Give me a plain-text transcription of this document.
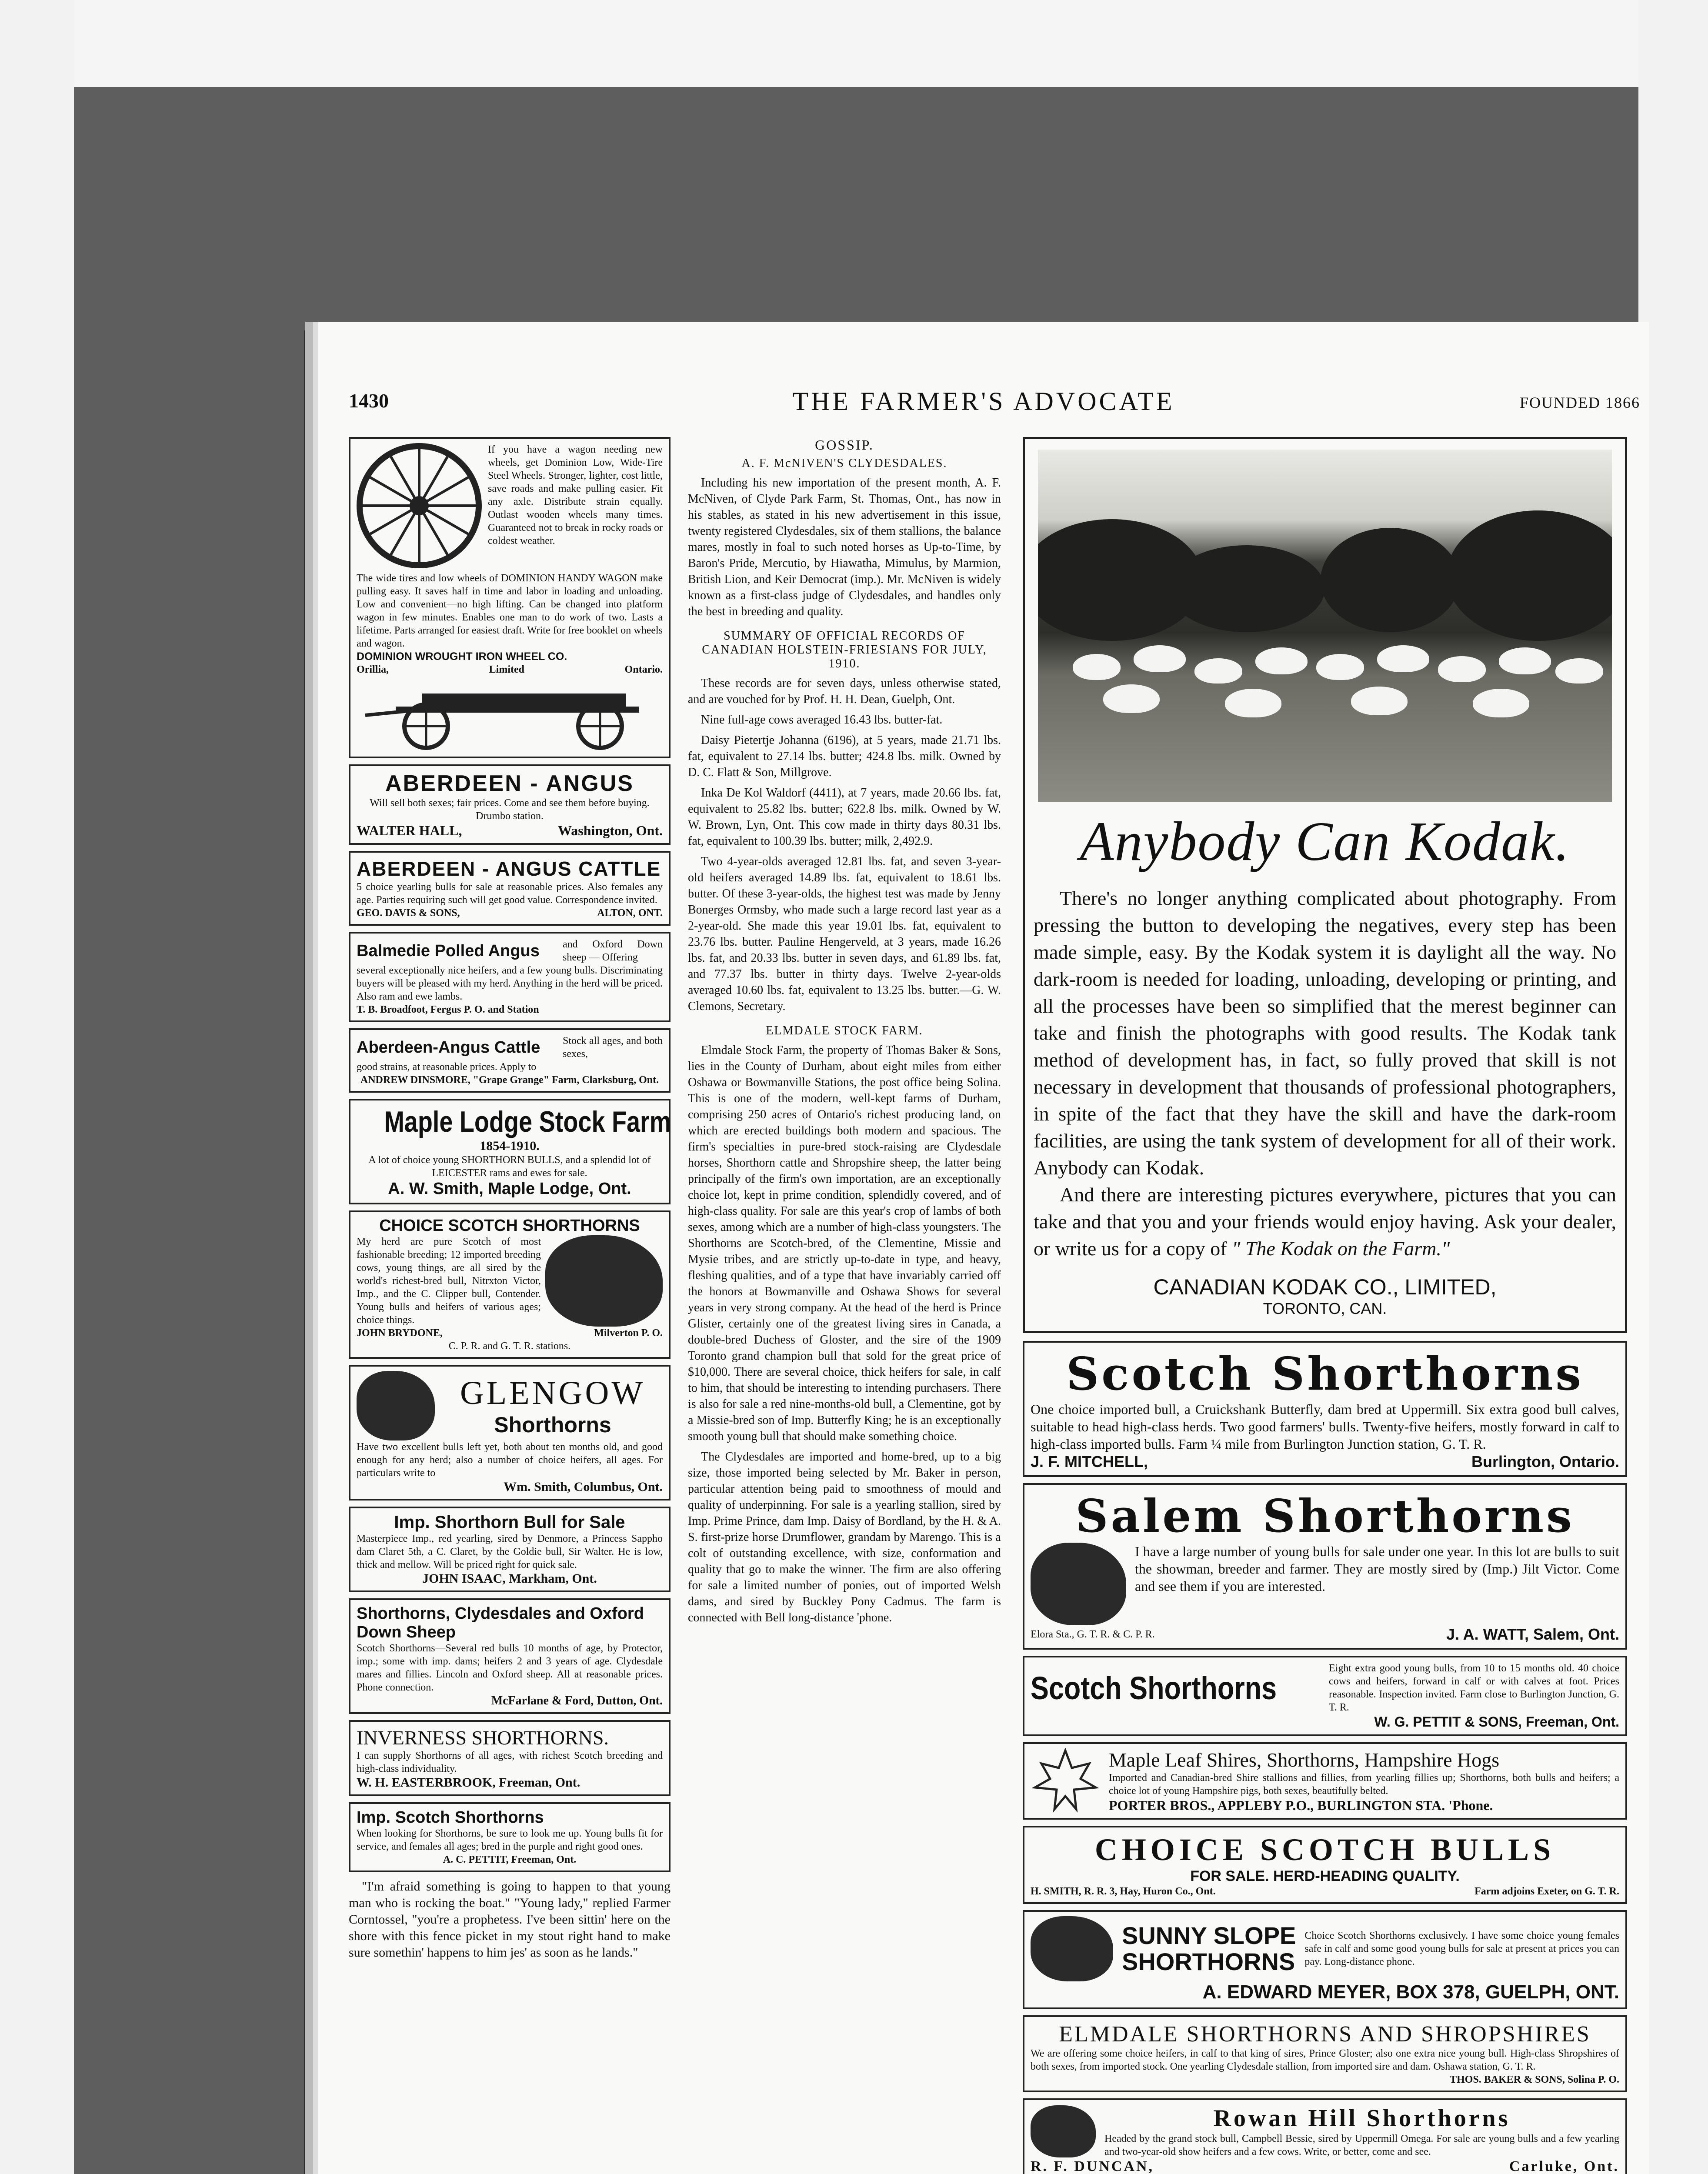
1430	THE FARMER'S ADVOCATE	FOUNDED 1866
If you have a wagon needing new wheels, get Dominion Low, Wide-Tire Steel Wheels. Stronger, lighter, cost little, save roads and make pulling easier. Fit any axle. Distribute strain equally. Outlast wooden wheels many times. Guaranteed not to break in rocky roads or coldest weather.
The wide tires and low wheels of DOMINION HANDY WAGON make pulling easy. It saves half in time and labor in loading and unloading. Low and convenient—no high lifting. Can be changed into platform wagon in few minutes. Enables one man to do work of two. Lasts a lifetime. Parts arranged for easiest draft. Write for free booklet on wheels and wagon.
DOMINION WROUGHT IRON WHEEL CO.
Orillia,	Limited	Ontario.
ABERDEEN - ANGUS
Will sell both sexes; fair prices. Come and see them before buying. Drumbo station.
WALTER HALL,	Washington, Ont.
ABERDEEN - ANGUS CATTLE
5 choice yearling bulls for sale at reasonable prices. Also females any age. Parties requiring such will get good value. Correspondence invited.
GEO. DAVIS & SONS,	ALTON, ONT.
Balmedie Polled Angus and Oxford Down sheep — Offering
several exceptionally nice heifers, and a few young bulls. Discriminating buyers will be pleased with my herd. Anything in the herd will be priced. Also ram and ewe lambs.
T. B. Broadfoot, Fergus P. O. and Station
Aberdeen-Angus Cattle Stock all ages, and both sexes,
good strains, at reasonable prices. Apply to
ANDREW DINSMORE, "Grape Grange" Farm, Clarksburg, Ont.
Maple Lodge Stock Farm
1854-1910.
A lot of choice young SHORTHORN BULLS, and a splendid lot of LEICESTER rams and ewes for sale.
A. W. Smith, Maple Lodge, Ont.
CHOICE SCOTCH SHORTHORNS
My herd are pure Scotch of most fashionable breeding; 12 imported breeding cows, young things, are all sired by the world's richest-bred bull, Nitrxton Victor, Imp., and the C. Clipper bull, Contender. Young bulls and heifers of various ages; choice things.
JOHN BRYDONE,	Milverton P. O.
C. P. R. and G. T. R. stations.
GLENGOW
Shorthorns
Have two excellent bulls left yet, both about ten months old, and good enough for any herd; also a number of choice heifers, all ages. For particulars write to
Wm. Smith, Columbus, Ont.
Imp. Shorthorn Bull for Sale
Masterpiece Imp., red yearling, sired by Denmore, a Princess Sappho dam Claret 5th, a C. Claret, by the Goldie bull, Sir Walter. He is low, thick and mellow. Will be priced right for quick sale.
JOHN ISAAC, Markham, Ont.
Shorthorns, Clydesdales and Oxford Down Sheep
Scotch Shorthorns—Several red bulls 10 months of age, by Protector, imp.; some with imp. dams; heifers 2 and 3 years of age. Clydesdale mares and fillies. Lincoln and Oxford sheep. All at reasonable prices. Phone connection.
McFarlane & Ford, Dutton, Ont.
INVERNESS SHORTHORNS.
I can supply Shorthorns of all ages, with richest Scotch breeding and high-class individuality.
W. H. EASTERBROOK, Freeman, Ont.
Imp. Scotch Shorthorns
When looking for Shorthorns, be sure to look me up. Young bulls fit for service, and females all ages; bred in the purple and right good ones.
A. C. PETTIT, Freeman, Ont.
"I'm afraid something is going to happen to that young man who is rocking the boat." "Young lady," replied Farmer Corntossel, "you're a prophetess. I've been sittin' here on the shore with this fence picket in my stout right hand to make sure somethin' happens to him jes' as soon as he lands."
GOSSIP.
A. F. McNIVEN'S CLYDESDALES.

Including his new importation of the present month, A. F. McNiven, of Clyde Park Farm, St. Thomas, Ont., has now in his stables, as stated in his new advertisement in this issue, twenty registered Clydesdales, six of them stallions, the balance mares, mostly in foal to such noted horses as Up-to-Time, by Baron's Pride, Mercutio, by Hiawatha, Mimulus, by Marmion, British Lion, and Keir Democrat (imp.). Mr. McNiven is widely known as a first-class judge of Clydesdales, and handles only the best in breeding and quality.

SUMMARY OF OFFICIAL RECORDS OF CANADIAN HOLSTEIN-FRIESIANS FOR JULY, 1910.

These records are for seven days, unless otherwise stated, and are vouched for by Prof. H. H. Dean, Guelph, Ont.

Nine full-age cows averaged 16.43 lbs. butter-fat.

Daisy Pietertje Johanna (6196), at 5 years, made 21.71 lbs. fat, equivalent to 27.14 lbs. butter; 424.8 lbs. milk. Owned by D. C. Flatt & Son, Millgrove.

Inka De Kol Waldorf (4411), at 7 years, made 20.66 lbs. fat, equivalent to 25.82 lbs. butter; 622.8 lbs. milk. Owned by W. W. Brown, Lyn, Ont. This cow made in thirty days 80.31 lbs. fat, equivalent to 100.39 lbs. butter; milk, 2,492.9.

Two 4-year-olds averaged 12.81 lbs. fat, and seven 3-year-old heifers averaged 14.89 lbs. fat, equivalent to 18.61 lbs. butter. Of these 3-year-olds, the highest test was made by Jenny Bonerges Ormsby, who made such a large record last year as a 2-year-old. She made this year 19.01 lbs. fat, equivalent to 23.76 lbs. butter. Pauline Hengerveld, at 3 years, made 16.26 lbs. fat, and 20.33 lbs. butter in seven days, and 61.89 lbs. fat, and 77.37 lbs. butter in thirty days. Twelve 2-year-olds averaged 10.60 lbs. fat, equivalent to 13.25 lbs. butter.—G. W. Clemons, Secretary.

ELMDALE STOCK FARM.

Elmdale Stock Farm, the property of Thomas Baker & Sons, lies in the County of Durham, about eight miles from either Oshawa or Bowmanville Stations, the post office being Solina. This is one of the modern, well-kept farms of Durham, comprising 250 acres of Ontario's richest producing land, on which are erected buildings both modern and spacious. The firm's specialties in pure-bred stock-raising are Clydesdale horses, Shorthorn cattle and Shropshire sheep, the latter being principally of the firm's own importation, are an exceptionally choice lot, kept in prime condition, splendidly covered, and of high-class quality. For sale are this year's crop of lambs of both sexes, among which are a number of high-class youngsters. The Shorthorns are Scotch-bred, of the Clementine, Missie and Mysie tribes, and are strictly up-to-date in type, and heavy, fleshing qualities, and of a type that have invariably carried off the honors at Bowmanville and Oshawa Shows for several years in very strong company. At the head of the herd is Prince Glister, certainly one of the greatest living sires in Canada, a double-bred Duchess of Gloster, and the sire of the 1909 Toronto grand champion bull that sold for the great price of $10,000. There are several choice, thick heifers for sale, in calf to him, that should be interesting to intending purchasers. There is also for sale a red nine-months-old bull, a Clementine, got by a Missie-bred son of Imp. Butterfly King; he is an exceptionally smooth young bull that should make something choice.

The Clydesdales are imported and home-bred, up to a big size, those imported being selected by Mr. Baker in person, particular attention being paid to smoothness of mould and quality of underpinning. For sale is a yearling stallion, sired by Imp. Prime Prince, dam Imp. Daisy of Bordland, by the H. & A. S. first-prize horse Drumflower, grandam by Marengo. This is a colt of outstanding excellence, with size, conformation and quality that go to make the winner. The firm are also offering for sale a limited number of ponies, out of imported Welsh dams, and sired by Buckley Pony Cadmus. The farm is connected with Bell long-distance 'phone.

Anybody Can Kodak.

There's no longer anything complicated about photography. From pressing the button to developing the negatives, every step has been made simple, easy. By the Kodak system it is daylight all the way. No dark-room is needed for loading, unloading, developing or printing, and all the processes have been so simplified that the merest beginner can take and finish the photographs with good results. The Kodak tank method of development has, in fact, so fully proved that skill is not necessary in development that thousands of professional photographers, in spite of the fact that they have the skill and have the dark-room facilities, are using the tank system of development for all of their work. Anybody can Kodak.

And there are interesting pictures everywhere, pictures that you can take and that you and your friends would enjoy having. Ask your dealer, or write us for a copy of " The Kodak on the Farm."

CANADIAN KODAK CO., LIMITED,
TORONTO, CAN.
Scotch Shorthorns
One choice imported bull, a Cruickshank Butterfly, dam bred at Uppermill. Six extra good bull calves, suitable to head high-class herds. Two good farmers' bulls. Twenty-five heifers, mostly forward in calf to high-class imported bulls. Farm ¼ mile from Burlington Junction station, G. T. R.
J. F. MITCHELL,	Burlington, Ontario.
Salem Shorthorns
I have a large number of young bulls for sale under one year. In this lot are bulls to suit the showman, breeder and farmer. They are mostly sired by (Imp.) Jilt Victor. Come and see them if you are interested.
Elora Sta., G. T. R. & C. P. R.	J. A. WATT, Salem, Ont.
Scotch Shorthorns
Eight extra good young bulls, from 10 to 15 months old. 40 choice cows and heifers, forward in calf or with calves at foot. Prices reasonable. Inspection invited. Farm close to Burlington Junction, G. T. R.
W. G. PETTIT & SONS, Freeman, Ont.
Maple Leaf Shires, Shorthorns, Hampshire Hogs
Imported and Canadian-bred Shire stallions and fillies, from yearling fillies up; Shorthorns, both bulls and heifers; a choice lot of young Hampshire pigs, both sexes, beautifully belted.
PORTER BROS., APPLEBY P.O., BURLINGTON STA. 'Phone.
CHOICE SCOTCH BULLS
FOR SALE. HERD-HEADING QUALITY.
H. SMITH, R. R. 3, Hay, Huron Co., Ont.	Farm adjoins Exeter, on G. T. R.
SUNNY SLOPE
SHORTHORNS
Choice Scotch Shorthorns exclusively. I have some choice young females safe in calf and some good young bulls for sale at present at prices you can pay. Long-distance phone.
A. EDWARD MEYER, BOX 378, GUELPH, ONT.
ELMDALE SHORTHORNS AND SHROPSHIRES
We are offering some choice heifers, in calf to that king of sires, Prince Gloster; also one extra nice young bull. High-class Shropshires of both sexes, from imported stock. One yearling Clydesdale stallion, from imported sire and dam. Oshawa station, G. T. R.
THOS. BAKER & SONS, Solina P. O.
Rowan Hill Shorthorns
Headed by the grand stock bull, Campbell Bessie, sired by Uppermill Omega. For sale are young bulls and a few yearling and two-year-old show heifers and a few cows. Write, or better, come and see.
R. F. DUNCAN,	Carluke, Ont.
